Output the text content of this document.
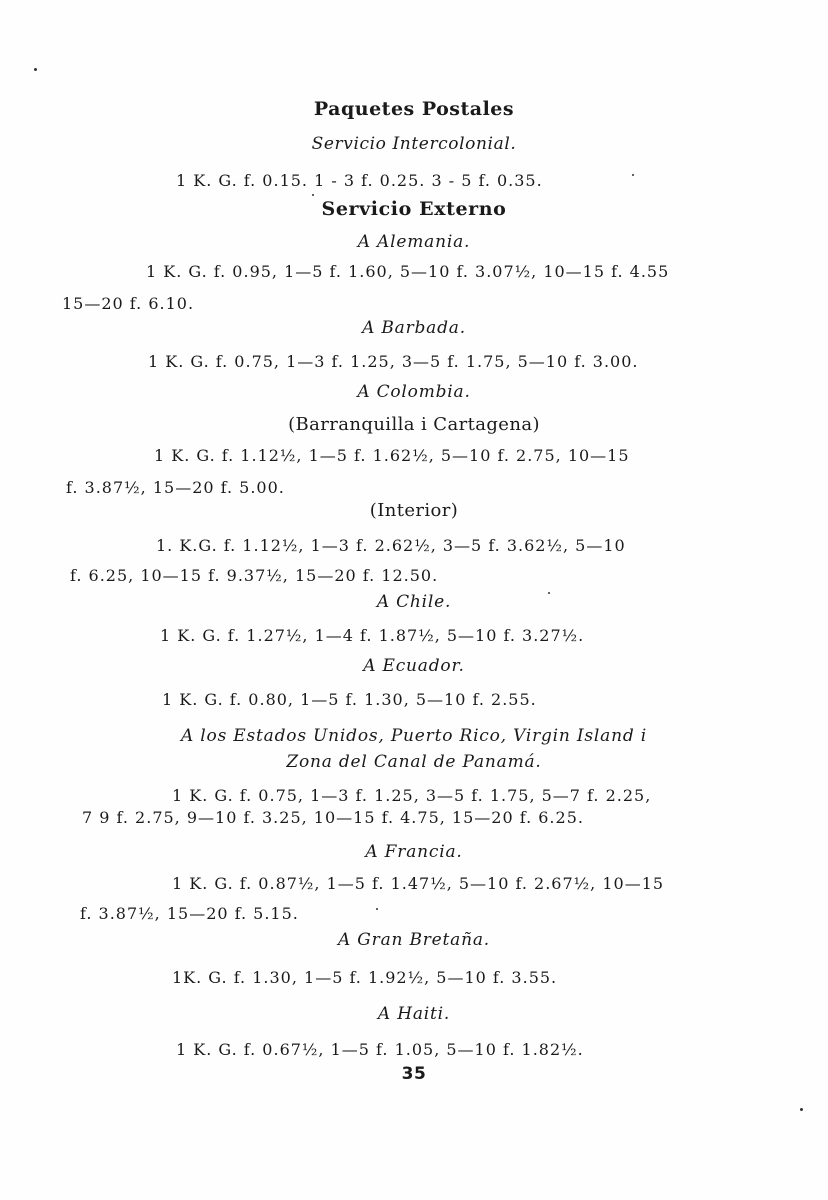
Paquetes Postales
Servicio Intercolonial.
1 K. G. f. 0.15. 1 - 3 f. 0.25. 3 - 5 f. 0.35.
Servicio Externo
A Alemania.
1 K. G. f. 0.95, 1—5 f. 1.60, 5—10 f. 3.07½, 10—15 f. 4.55
15—20 f. 6.10.
A Barbada.
1 K. G. f. 0.75, 1—3 f. 1.25, 3—5 f. 1.75, 5—10 f. 3.00.
A Colombia.
(Barranquilla i Cartagena)
1 K. G. f. 1.12½, 1—5 f. 1.62½, 5—10 f. 2.75, 10—15
f. 3.87½, 15—20 f. 5.00.
(Interior)
1. K.G. f. 1.12½, 1—3 f. 2.62½, 3—5 f. 3.62½, 5—10
f. 6.25, 10—15 f. 9.37½, 15—20 f. 12.50.
A Chile.
1 K. G. f. 1.27½, 1—4 f. 1.87½, 5—10 f. 3.27½.
A Ecuador.
1 K. G. f. 0.80, 1—5 f. 1.30, 5—10 f. 2.55.
A los Estados Unidos, Puerto Rico, Virgin Island i
Zona del Canal de Panamá.
1 K. G. f. 0.75, 1—3 f. 1.25, 3—5 f. 1.75, 5—7 f. 2.25,
7 9 f. 2.75, 9—10 f. 3.25, 10—15 f. 4.75, 15—20 f. 6.25.
A Francia.
1 K. G. f. 0.87½, 1—5 f. 1.47½, 5—10 f. 2.67½, 10—15
f. 3.87½, 15—20 f. 5.15.
A Gran Bretaña.
1K. G. f. 1.30, 1—5 f. 1.92½, 5—10 f. 3.55.
A Haiti.
1 K. G. f. 0.67½, 1—5 f. 1.05, 5—10 f. 1.82½.
35
